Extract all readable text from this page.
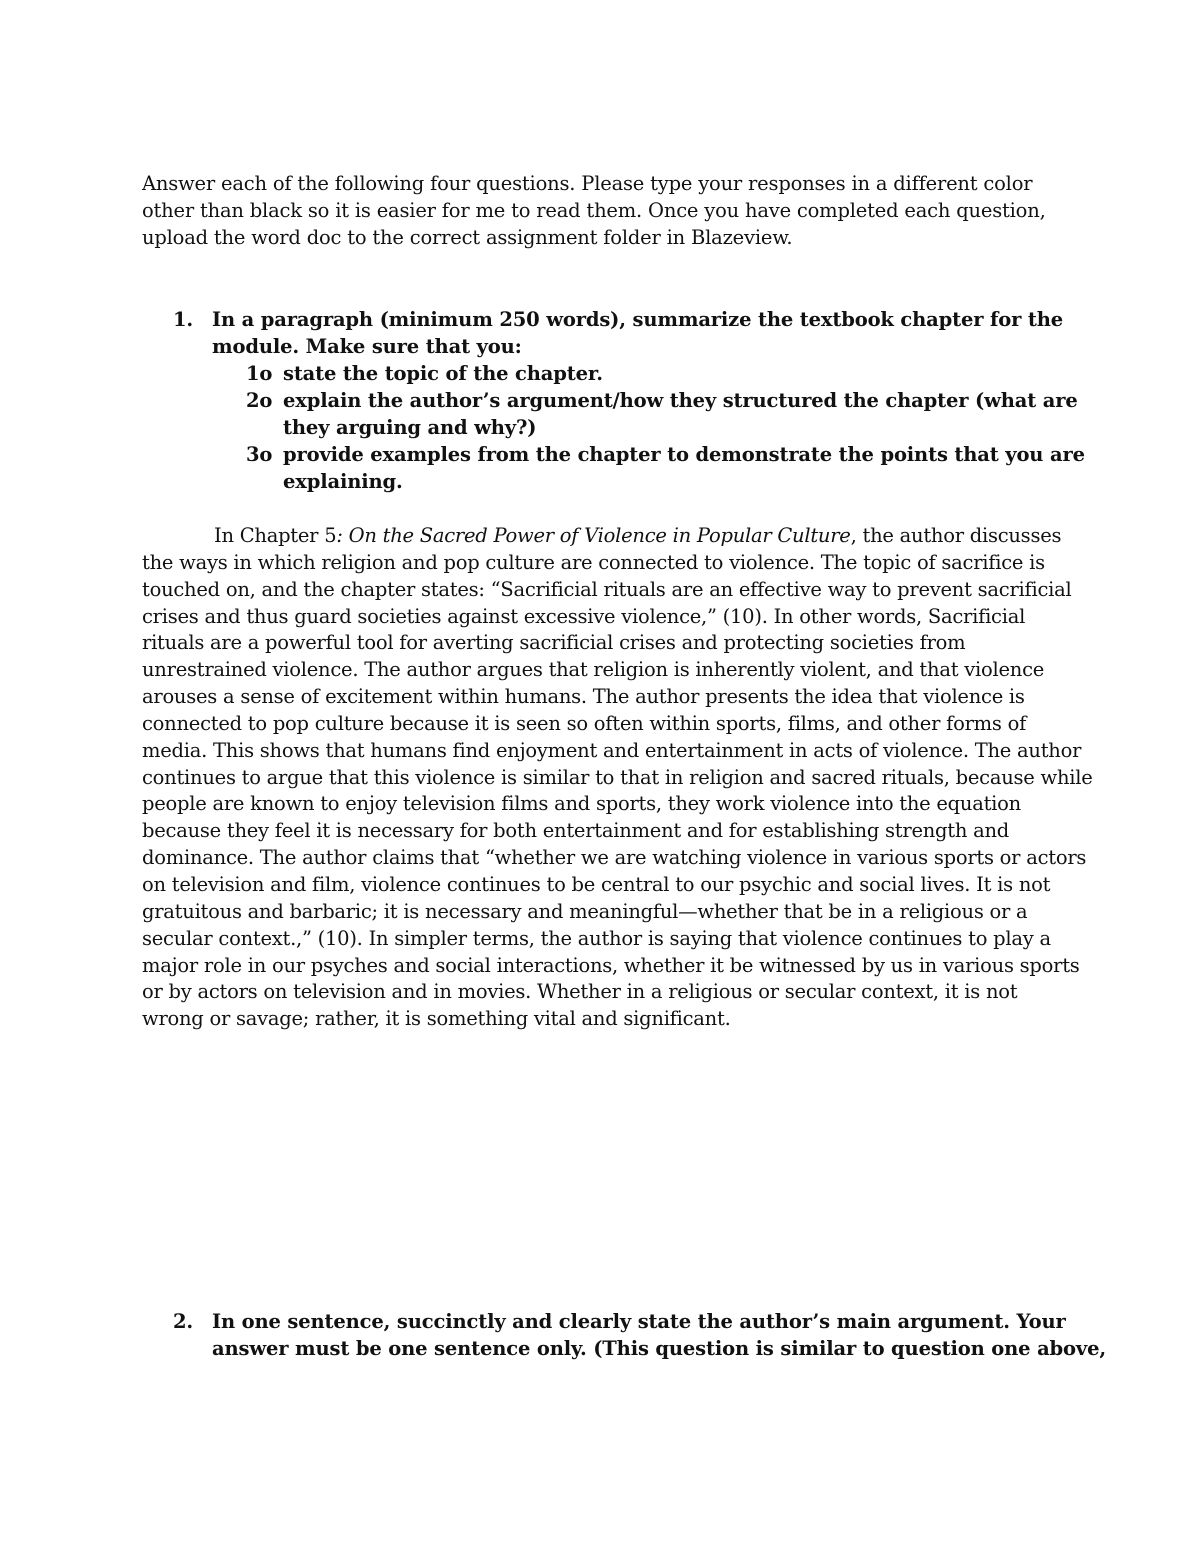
Answer each of the following four questions. Please type your responses in a different color
other than black so it is easier for me to read them. Once you have completed each question,
upload the word doc to the correct assignment folder in Blazeview.
1. In a paragraph (minimum 250 words), summarize the textbook chapter for the
module. Make sure that you:
1o state the topic of the chapter.
2o explain the author’s argument/how they structured the chapter (what are
they arguing and why?)
3o provide examples from the chapter to demonstrate the points that you are
explaining.
In Chapter 5: On the Sacred Power of Violence in Popular Culture, the author discusses
the ways in which religion and pop culture are connected to violence. The topic of sacrifice is
touched on, and the chapter states: “Sacrificial rituals are an effective way to prevent sacrificial
crises and thus guard societies against excessive violence,” (10). In other words, Sacrificial
rituals are a powerful tool for averting sacrificial crises and protecting societies from
unrestrained violence. The author argues that religion is inherently violent, and that violence
arouses a sense of excitement within humans. The author presents the idea that violence is
connected to pop culture because it is seen so often within sports, films, and other forms of
media. This shows that humans find enjoyment and entertainment in acts of violence. The author
continues to argue that this violence is similar to that in religion and sacred rituals, because while
people are known to enjoy television films and sports, they work violence into the equation
because they feel it is necessary for both entertainment and for establishing strength and
dominance. The author claims that “whether we are watching violence in various sports or actors
on television and film, violence continues to be central to our psychic and social lives. It is not
gratuitous and barbaric; it is necessary and meaningful—whether that be in a religious or a
secular context.,” (10). In simpler terms, the author is saying that violence continues to play a
major role in our psyches and social interactions, whether it be witnessed by us in various sports
or by actors on television and in movies. Whether in a religious or secular context, it is not
wrong or savage; rather, it is something vital and significant.
2. In one sentence, succinctly and clearly state the author’s main argument. Your
answer must be one sentence only. (This question is similar to question one above,
